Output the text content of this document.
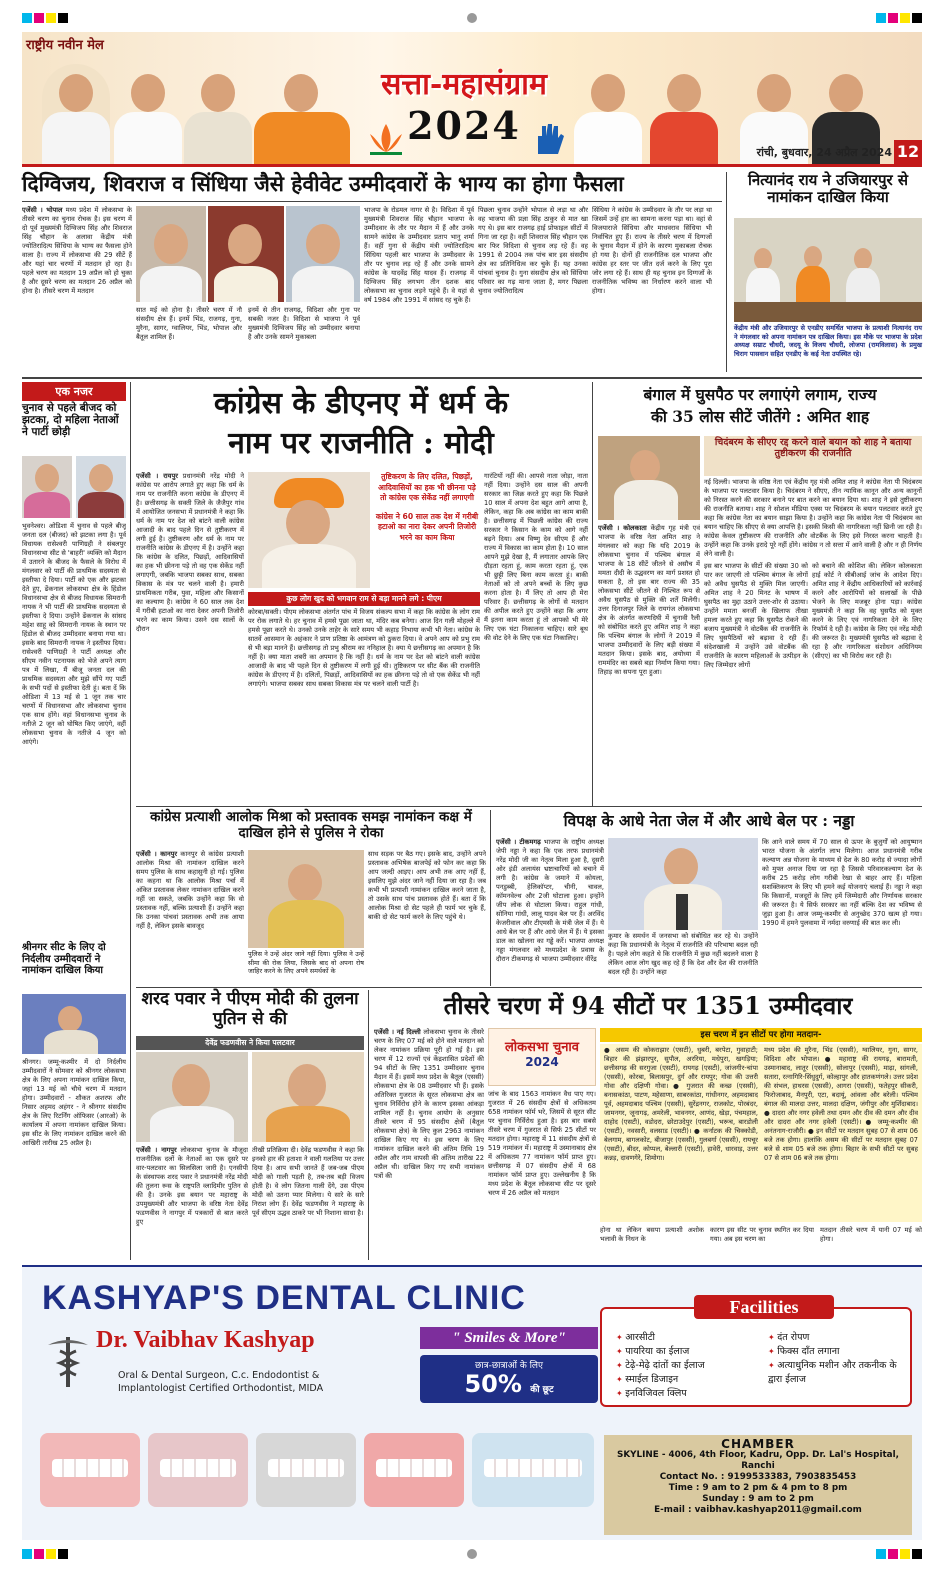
राष्ट्रीय नवीन मेल
सत्ता-महासंग्राम
2024
रांची, बुधवार, 24 अप्रैल 2024 12
दिग्विजय, शिवराज व सिंधिया जैसे हेवीवेट उम्मीदवारों के भाग्य का होगा फैसला
एजेंसी । भोपाल मध्य प्रदेश में लोकसभा के तीसरे चरण का चुनाव रोचक है। इस चरण में दो पूर्व मुख्यमंत्री दिग्विजय सिंह और शिवराज सिंह चौहान के अलावा केंद्रीय मंत्री ज्योतिरादित्य सिंधिया के भाग्य का फैसला होने वाला है। राज्य में लोकसभा की 29 सीटें हैं और यहां चार चरणों में मतदान हो रहा है। पहले चरण का मतदान 19 अप्रैल को हो चुका है और दूसरे चरण का मतदान 26 अप्रैल को होना है। तीसरे चरण में मतदान
सात मई को होना है। तीसरे चरण में नौ संसदीय क्षेत्र हैं। इनमें भिंड, राजगढ़, गुना, मुरैना, सागर, ग्वालियर, भिंड, भोपाल और बैतूल शामिल हैं।
इनमें से तीन राजगढ़, विदिशा और गुना पर सबकी नजर है। विदिशा से भाजपा ने पूर्व मुख्यमंत्री दिग्विजय सिंह को उम्मीदवार बनाया है और उनके सामने मुकाबला
भाजपा के रोडमल नागर से है। विदिशा में पूर्व मुख्यमंत्री शिवराज सिंह चौहान भाजपा के उम्मीदवार के तौर पर मैदान में हैं और उनके सामने कांग्रेस के उम्मीदवार प्रताप भानु शर्मा हैं। वहीं गुना से केंद्रीय मंत्री ज्योतिरादित्य सिंधिया पहली बार भाजपा के उम्मीदवार के तौर पर चुनाव लड़ रहे हैं और उनके सामने कांग्रेस के यादवेंद्र सिंह यादव हैं। राजगढ़ में दिग्विजय सिंह लगभग तीन दशक बाद लोकसभा का चुनाव लड़ने पहुंचे हैं। वे यहां से वर्ष 1984 और 1991 में सांसद रह चुके हैं।
पिछला चुनाव उन्होंने भोपाल से लड़ा था और वह भाजपा की प्रज्ञा सिंह ठाकुर से मात खा गए थे। इस बार राजगढ़ हाई प्रोफाइल सीटों में गिना जा रहा है। वहीं शिवराज सिंह चौहान एक बार फिर विदिशा से चुनाव लड़ रहे हैं। वह 1991 से 2004 तक पांच बार इस संसदीय क्षेत्र का प्रतिनिधित्व कर चुके हैं। यह उनका पांचवां चुनाव है। गुना संसदीय क्षेत्र को सिंधिया परिवार का गढ़ माना जाता है, मगर पिछला चुनाव ज्योतिरादित्य
सिंधिया ने कांग्रेस के उम्मीदवार के तौर पर लड़ा था जिसमें उन्हें हार का सामना करना पड़ा था। वहां से विजयाराजे सिंधिया और माधवराव सिंधिया भी निर्वाचित हुए हैं। राज्य के तीसरे चरण में दिग्गजों के चुनाव मैदान में होने के कारण मुकाबला रोचक हो गया है। दोनों ही राजनीतिक दल भाजपा और कांग्रेस हर स्तर पर जीत दर्ज करने के लिए पूरा जोर लगा रहे हैं। साथ ही यह चुनाव इन दिग्गजों के राजनीतिक भविष्य का निर्धारण करने वाला भी होगा।
नित्यानंद राय ने उजियारपुर से नामांकन दाखिल किया
केंद्रीय मंत्री और उजियारपुर से एनडीए समर्थित भाजपा के प्रत्याशी नित्यानंद राय ने मंगलवार को अपना नामांकन पत्र दाखिल किया। इस मौके पर भाजपा के प्रदेश अध्यक्ष सम्राट चौधरी, जदयू के विजय चौधरी, लोजपा (रामविलास) के प्रमुख चिराग पासवान सहित एनडीए के कई नेता उपस्थित रहे।
एक नजर
चुनाव से पहले बीजद को झटका, दो महिला नेताओं ने पार्टी छोड़ी
भुवनेश्वर। ओडिशा में चुनाव से पहले बीजू जनता दल (बीजद) को झटका लगा है। पूर्व विधायक रासेश्वरी पाणिग्रही ने संबलपुर विधानसभा सीट से 'बाहरी' व्यक्ति को मैदान में उतारने के बीजद के फैसले के विरोध में मंगलवार को पार्टी की प्राथमिक सदस्यता से इस्तीफा दे दिया। पार्टी को एक और झटका देते हुए, ढेंकनाल लोकसभा क्षेत्र के हिंडोल विधानसभा क्षेत्र से बीजद विधायक सिमरानी नायक ने भी पार्टी की प्राथमिक सदस्यता से इस्तीफा दे दिया। उन्होंने ढेंकनाल के सांसद महेश साहू को सिमरानी नायक के स्थान पर हिंडोल से बीजद उम्मीदवार बनाया गया था। इसके बाद सिमरानी नायक ने इस्तीफा दिया। रासेश्वरी पाणिग्रही ने पार्टी अध्यक्ष और सीएम नवीन पटनायक को भेजे अपने त्याग पत्र में लिखा, मैं बीजू जनता दल की प्राथमिक सदस्यता और मुझे सौंपे गए पार्टी के सभी पदों से इस्तीफा देती हूं। बता दें कि ओडिशा में 13 मई से 1 जून तक चार चरणों में विधानसभा और लोकसभा चुनाव एक साथ होंगे। वहां विधानसभा चुनाव के नतीजे 2 जून को घोषित किए जाएंगे, वहीं लोकसभा चुनाव के नतीजे 4 जून को आएंगे।
श्रीनगर सीट के लिए दो निर्दलीय उम्मीदवारों ने नामांकन दाखिल किया
श्रीनगर। जम्मू-कश्मीर में दो निर्दलीय उम्मीदवारों ने सोमवार को श्रीनगर लोकसभा क्षेत्र के लिए अपना नामांकन दाखिल किया, जहां 13 मई को चौथे चरण में मतदान होगा। उम्मीदवारों - शौकत अशरफ और निसार अहमद अहंगर - ने श्रीनगर संसदीय क्षेत्र के लिए रिटर्निंग ऑफिसर (आरओ) के कार्यालय में अपना नामांकन दाखिल किया। इस सीट के लिए नामांकन दाखिल करने की आखिरी तारीख 25 अप्रैल है।
कांग्रेस के डीएनए में धर्म के
नाम पर राजनीति : मोदी
एजेंसी । रायपुर प्रधानमंत्री नरेंद्र मोदी ने कांग्रेस पर आरोप लगाते हुए कहा कि धर्म के नाम पर राजनीति करना कांग्रेस के डीएनए में है। छत्तीसगढ़ के सक्ती जिले के जैजैपुर गांव में आयोजित जनसभा में प्रधानमंत्री ने कहा कि धर्म के नाम पर देश को बांटने वाली कांग्रेस आजादी के बाद पहले दिन से तुष्टीकरण में लगी हुई है। तुष्टीकरण और धर्म के नाम पर राजनीति कांग्रेस के डीएनए में है। उन्होंने कहा कि कांग्रेस के दलित, पिछड़ों, आदिवासियों का हक भी छीनना पड़े तो वह एक सेकेंड नहीं लगाएगी, जबकि भाजपा सबका साथ, सबका विकास के मंत्र पर चलने वाली है। हमारी प्राथमिकता गरीब, युवा, महिला और किसानों का कल्याण है। कांग्रेस ने 60 साल तक देश में गरीबी हटाओ का नारा देकर अपनी तिजोरी भरने का काम किया। उसने दस सालों के दौरान
तुष्टिकरण के लिए दलित, पिछड़ों, आदिवासियों का हक भी छीनना पड़े तो कांग्रेस एक सेकेंड नहीं लगाएगी
कांग्रेस ने 60 साल तक देश में गरीबी हटाओ का नारा देकर अपनी तिजोरी भरने का काम किया
कुछ लोग खुद को भगवान राम से बड़ा मानने लगे : पीएम
कोरबा/सक्ती। पीएम लोकसभा अंतर्गत पांच में विजय संकल्प सभा में कहा कि कांग्रेस के लोग राम पर रोक लगाते थे। हर चुनाव में हमसे पूछा जाता था, मंदिर कब बनेगा। आज दिन गली मोहल्ले में हमसे पूछा करते थे। उनको उनके ताहेर के सारे समय भी कहाड़ निभाया कभी भी नेता। कांग्रेस के सातवें आसमान के अहंकार ने प्राण प्रतिष्ठा के आमंत्रण को ठुकरा दिया। वे अपने आप को प्रभु राम से भी बड़ा मानने हैं। छत्तीसगढ़ तो प्रभु श्रीराम का ननिहाल है। क्या ये छत्तीसगढ़ का अपमान है कि नहीं है। क्या माता शबरी का अपमान है कि नहीं है। धर्म के नाम पर देश को बांटने वाली कांग्रेस आजादी के बाद भी पहले दिन से तुष्टीकरण में लगी हुई थी। तुष्टिकरण पर सीट बैंक की राजनीति कांग्रेस के डीएनए में है। दलितों, पिछड़ों, आदिवासियों का हक छीनना पड़े तो वो एक सेकेंड भी नहीं लगाएंगे। भाजपा सबका साथ सबका विकास मंत्र पर चलने वाली पार्टी है।
गारंटियों नहीं की। आपसे नाता जोड़ा, नाता नहीं दिया। उन्होंने दस साल की अपनी सरकार का जिक्र करते हुए कहा कि पिछले 10 साल में अपना देश बहुत आगे आया है, लेकिन, कहा कि अब कांग्रेस का काम बाकी है। छत्तीसगढ़ में पिछली कांग्रेस की राज्य सरकार ने किसान के काम को आगे नहीं बढ़ने दिया। अब विष्णु देव सीएम हैं और राज्य में विकास का काम होता है। 10 साल आपने मुझे देखा है, मैं लगातार आपके लिए दौड़ता रहता हूं, काम करता रहता हूं, एक भी छुट्टी लिए बिना काम करता हूं। बाकी नेताओं को तो अपने बच्चों के लिए कुछ करना होता है। मैं लिए तो आप ही मेरा परिवार हैं। छत्तीसगढ़ के लोगों से मतदान की अपील करते हुए उन्होंने कहा कि अगर मैं इतना काम करता हूं तो आपको भी मेरे लिए एक घंटा निकालना चाहिए। सारे बूथ की वोट देने के लिए एक घंटा निकालिए।
बंगाल में घुसपैठ पर लगाएंगे लगाम, राज्य
की 35 लोस सीटें जीतेंगे : अमित शाह
चिदंबरम के सीएए रद्द करने वाले बयान को शाह ने बताया तुष्टीकरण की राजनीति
नई दिल्ली। भाजपा के वरिष्ठ नेता एवं केंद्रीय गृह मंत्री अमित शाह ने कांग्रेस नेता पी चिदंबरम के भाजपा पर पलटवार किया है। चिदंबरम ने सीएए, तीन न्यायिक कानून और अन्य कानूनों को निरस्त करने की सरकार बनाने पर बात करने का बयान दिया था। शाह ने इसे तुष्टीकरण की राजनीति बताया। शाह ने सोशल मीडिया एक्स पर चिदंबरम के बयान पलटवार करते हुए कहा कि कांग्रेस नेता का बयान साझा किया है। उन्होंने कहा कि कांग्रेस नेता पी चिदंबरम का बयान चाहिए कि सीएए से क्या आपत्ति है। इसकी किसी की नागरिकता नहीं छिनी जा रही है। कांग्रेस केवल तुष्टीकरण की राजनीति और वोटबैंक के लिए इसे निरस्त करना चाहती है। उन्होंने कहा कि उनके इरादे पूरे नहीं होंगे। कांग्रेस न तो सत्ता में आने वाली है और न ही निर्णय लेने वाली है।
एजेंसी । कोलकाता केंद्रीय गृह मंत्री एवं भाजपा के वरिष्ठ नेता अमित शाह ने मंगलवार को कहा कि यदि 2019 के लोकसभा चुनाव में पश्चिम बंगाल में भाजपा के 18 सीटें जीतने से असौच में ममता दीदी के उद्धवरण का मार्ग प्रशस्त हो सकता है, तो इस बार राज्य की 35 लोकसभा सीटें जीतने से निश्चित रूप से अवैध घुसपैठ से मुक्ति की शर्तें मिलेंगी। उत्तर दिनाजपुर जिले के रायगंज लोकसभा क्षेत्र के अंतर्गत करणदिघी में चुनावी रैली को संबोधित करते हुए अमित शाह ने कहा कि पश्चिम बंगाल के लोगों ने 2019 में भाजपा उम्मीदवारों के लिए बड़ी संख्या में मतदान किया। इसके बाद, अयोध्या में राममंदिर का सबसे बड़ा निर्माण किया गया। तिहाड़ का सपना पूरा हुआ।
इस बार भाजपा के सीटों की संख्या 30 को पार कर जाएगी तो पश्चिम बंगाल के लोगों को अवैध घुसपैठ से मुक्ति मिल जाएगी। अमित शाह ने 20 मिनट के भाषण में घुसपैठ का मुद्दा उठाने उत्तर-शोर से उठाया। उन्होंने ममता बनर्जी के खिलाफ तीखा हमला करते हुए कहा कि घुसपैठ रोकने की बजाय मुख्यमंत्री ने वोटबैंक की राजनीति के लिए घुसपैठियों को बढ़ावा दे रही हैं। संदेशखाली में उन्होंने उसे वोटबैंक की राजनीति के कारण महिलाओं के उत्पीड़न के लिए जिम्मेदार लोगों
को बचाने की कोशिश की। लेकिन कोलकाता हाई कोर्ट ने सीबीआई जांच के आदेश दिए। अमित शाह ने केंद्रीय आधिकारियों को कार्रवाई करने और आरोपियों को सलाखों के पीछे भेजने के लिए मजबूर होना पड़ा। कांग्रेस मुख्यमंत्री ने कहा कि वह घुसपैठ को मुक्त करने के लिए एवं नागरिकता देने के लिए रिफॉर्म दे रही है। कांग्रेस के लिए एवं नरेंद्र मोदी की जरूरत है। मुख्यमंत्री घुसपैठ को बढ़ावा दे रहा है और नागरिकता संशोधन अधिनियम (सीएए) का भी विरोध कर रही है।
कांग्रेस प्रत्याशी आलोक मिश्रा को प्रस्तावक समझ नामांकन कक्ष में दाखिल होने से पुलिस ने रोका
एजेंसी । कानपुर कानपुर से कांग्रेस प्रत्याशी आलोक मिश्रा की नामांकन दाखिल करने समय पुलिस के साथ कहासुनी हो गई। पुलिस का कहना था कि आलोक मिश्रा पर्चा में अंकित प्रस्तावक लेकर नामांकन दाखिल करने नहीं जा सकते, जबकि उन्होंने कहा कि वो प्रस्तावक नहीं, बल्कि प्रत्याशी हैं। उन्होंने कहा कि उनका पांचवां प्रस्तावक अभी तक आया नहीं है, लेकिन इसके बावजूद
पुलिस ने उन्हें अंदर जाने नहीं दिया। पुलिस ने उन्हें सीमा की रोक लिया, जिसके बाद वो अपना रोष जाहिर करने के लिए अपने समर्थकों के
साथ सड़क पर बैठ गए। इसके बाद, उन्होंने अपने प्रस्तावक अभिषेक बाजपेई को फोन कर कहा कि आप जल्दी आइए। आप अभी तक आए नहीं हैं, इसलिए मुझे अंदर जाने नहीं दिया जा रहा है। जब कभी भी प्रत्याशी नामांकन दाखिल करने जाता है, तो उसके साथ पांच प्रस्तावक होते हैं। बता दें कि आलोक मिश्रा दो सेट पहले ही फार्म भर चुके हैं, बाकी दो सेट फार्म करने के लिए पहुंचे थे।
विपक्ष के आधे नेता जेल में और आधे बेल पर : नड्डा
एजेंसी । टीकमगढ़ भाजपा के राष्ट्रीय अध्यक्ष जेपी नड्डा ने कहा कि एक तरफ प्रधानमंत्री नरेंद्र मोदी जी का नेतृत्व मिला हुआ है, दूसरी ओर इंडी अलायंस भ्रष्टाचारियों को बचाने में लगी है। कांग्रेस के जमाने में कोयला, पनडुब्बी, हेलिकॉप्टर, चीनी, चावल, कॉमनवेल्थ और 2जी घोटाला हुआ। इन्होंने जीप लोक से घोटाला किया। राहुल गांधी, सोनिया गांधी, लालू यादव बेल पर हैं। अरविंद केजरीवाल और टीएमसी के मंत्री जेल में हैं। ये आधे बेल पर हैं और आधे जेल में हैं। ये इसका डाल का खोलना का गड्ढे करें। भाजपा अध्यक्ष नड्डा मंगलवार को मध्यप्रदेश के प्रवास के दौरान टीकमगढ़ से भाजपा उम्मीदवार वीरेंद्र
कुमार के समर्थन में जनसभा को संबोधित कर रहे थे। उन्होंने कहा कि प्रधानमंत्री के नेतृत्व में राजनीति की परिभाषा बदल रही है। पहले लोग कहते थे कि राजनीति में कुछ नहीं बदलने वाला है लेकिन आज लोग खुद कह रहे हैं कि देश और देश की राजनीति बदल रही है। उन्होंने कहा
कि आने वाले समय में 70 साल से ऊपर के बुजुर्गों को आयुष्मान भारत योजना के अंतर्गत लाभ मिलेगा। आज प्रधानमंत्री गरीब कल्याण अन्न योजना के माध्यम से देश के 80 करोड़ से ज्यादा लोगों को मुफ्त अनाज दिया जा रहा है जिससे परिवारकल्याण देश के करीब 25 करोड़ लोग गरीबी रेखा से बाहर आए हैं। महिला सशक्तिकरण के लिए भी हमने कई योजनाएं चलाई हैं। नड्डा ने कहा कि किसानों, मजदूरों के लिए हमें जिम्मेदारी और निर्णायक सरकार की जरूरत है। ये सिर्फ सरकार का नहीं बल्कि देश का भविष्य से जुड़ा हुआ है। आज जम्मू-कश्मीर से अनुच्छेद 370 खत्म हो गया। 1990 में हमने पुलवामा में नर्मदा वरुणाई की बात कर ली।
शरद पवार ने पीएम मोदी की तुलना पुतिन से की
देवेंद्र फडणवीस ने किया पलटवार
एजेंसी । नागपुर लोकसभा चुनाव के मौजूदा राजनीतिक दलों के नेताओं का एक दूसरे पर वार-पलटवार का सिलसिला जारी है। एनसीपी के संस्थापक शरद पवार ने प्रधानमंत्री नरेंद्र मोदी की तुलना रूस के राष्ट्रपति व्लादिमीर पुतिन से की है। उनके इस बयान पर महाराष्ट्र के उपमुख्यमंत्री और भाजपा के वरिष्ठ नेता देवेंद्र फडणवीस ने नागपुर में पत्रकारों से बात करते हुए
तीखी प्रतिक्रिया दी। देवेंद्र फडणवीस ने कहा कि इनको हार की हताशा ने वाली गलतिया पर उत्तर दिया है। आप सभी जानते हैं जब-जब पीएम मोदी को गाली पड़ती है, तब-तब बड़ी विजय होती है। वे लोग जितना गाली देंगे, उस पीएम मोदी को उतना प्यार मिलेगा। ये सारे के सारे निराश लोग हैं। देवेंद्र फडणवीस ने महाराष्ट्र के पूर्व सीएम उद्धव ठाकरे पर भी निशाना साधा है।
तीसरे चरण में 94 सीटों पर 1351 उम्मीदवार
एजेंसी । नई दिल्ली लोकसभा चुनाव के तीसरे चरण के लिए 07 मई को होने वाले मतदान को लेकर नामांकन प्रक्रिया पूरी हो गई है। इस चरण में 12 राज्यों एवं केंद्रशासित प्रदेशों की 94 सीटों के लिए 1351 उम्मीदवार चुनाव मैदान में हैं। इसमें मध्य प्रदेश के बैतूल (एससी) लोकसभा क्षेत्र के 08 उम्मीदवार भी हैं। इसके अतिरिक्त गुजरात के सूरत लोकसभा क्षेत्र का चुनाव निर्विरोध होने के कारण इसका आंकड़ा शामिल नहीं है। चुनाव आयोग के अनुसार तीसरे चरण में 95 संसदीय क्षेत्रों (बैतूल लोकसभा क्षेत्र) के लिए कुल 2963 नामांकन दाखिल किए गए थे। इस चरण के लिए नामांकन दाखिल करने की अंतिम तिथि 19 अप्रैल और नाम वापसी की अंतिम तारीख 22 अप्रैल थी। दाखिल किए गए सभी नामांकन पत्रों की
लोकसभा चुनाव
2024
जांच के बाद 1563 नामांकन वैध पाए गए। गुजरात में 26 संसदीय क्षेत्रों से अधिकतम 658 नामांकन फॉर्म भरे, जिसमें से सूरत सीट पर चुनाव निर्विरोध हुआ है। इस बार सबसे तीसरे चरण में गुजरात से सिर्फ 25 सीटों पर मतदान होगा। महाराष्ट्र में 11 संसदीय क्षेत्रों से 519 नामांकन में। महाराष्ट्र में उस्मानाबाद क्षेत्र में अधिकतम 77 नामांकन फॉर्म प्राप्त हुए। छत्तीसगढ़ में 07 संसदीय क्षेत्रों में 68 नामांकन फॉर्म प्राप्त हुए। उल्लेखनीय है कि मध्य प्रदेश के बैतूल लोकसभा सीट पर दूसरे चरण में 26 अप्रैल को मतदान
इस चरण में इन सीटों पर होगा मतदान-
● असम की कोकराझार (एसटी), धुबरी, बरपेटा, गुवाहाटी; बिहार की झंझारपुर, सुपौल, अररिया, मधेपुरा, खगड़िया; छत्तीसगढ़ की सरगुजा (एसटी), रायगढ़ (एसटी), जांजगीर-चांपा (एससी), कोरबा, बिलासपुर, दुर्ग और रायपुर; गोवा की उत्तरी गोवा और दक्षिणी गोवा। ● गुजरात की कच्छ (एससी), बनासकांठा, पाटण, महेसाणा, साबरकांठा, गांधीनगर, अहमदाबाद पूर्व, अहमदाबाद पश्चिम (एससी), सुरेंद्रनगर, राजकोट, पोरबंदर, जामनगर, जूनागढ़, अमरेली, भावनगर, आणंद, खेड़ा, पंचमहाल, दाहोद (एसटी), वडोदरा, छोटाउदेपुर (एसटी), भरूच, बारडोली (एसटी), नवसारी, वलसाड (एसटी)। ● कर्नाटक की चिक्कोडी, बेलगाम, बागलकोट, बीजापुर (एससी), गुलबर्गा (एससी), रायचूर (एसटी), बीदर, कोप्पल, बेल्लारी (एसटी), हावेरी, धारवाड़, उत्तर कन्नड़, दावणगेरे, शिमोगा।
मध्य प्रदेश की मुरैना, भिंड (एससी), ग्वालियर, गुना, सागर, विदिशा और भोपाल। ● महाराष्ट्र की रायगढ़, बारामती, उस्मानाबाद, लातूर (एससी), सोलापुर (एससी), माढ़ा, सांगली, सतारा, रत्नागिरि-सिंधुदुर्ग, कोल्हापुर और हातकणंगले। उत्तर प्रदेश की संभल, हाथरस (एससी), आगरा (एससी), फतेहपुर सीकरी, फिरोजाबाद, मैनपुरी, एटा, बदायूं, आंवला और बरेली। पश्चिम बंगाल की मालदा उत्तर, मालदा दक्षिण, जंगीपुर और मुर्शिदाबाद। ● दादरा और नगर हवेली तथा दमन और दीव की दमन और दीव और दादरा और नगर हवेली (एसटी)। ● जम्मू-कश्मीर की अनंतनाग-राजौरी। ● इन सीटों पर मतदान सुबह 07 से शाम 06 बजे तक होगा। हालांकि असम की सीटों पर मतदान सुबह 07 बजे से शाम 05 बजे तक होगा। बिहार के सभी सीटों पर सुबह 07 से शाम 06 बजे तक होगा।
होना था लेकिन बसपा प्रत्याशी अशोक भलावी के निधन के
कारण इस सीट पर चुनाव स्थगित कर दिया गया। अब इस चरण का
मतदान तीसरे चरण में यानी 07 मई को होगा।
KASHYAP'S DENTAL CLINIC
Dr. Vaibhav Kashyap
Oral & Dental Surgeon, C.c. Endodontist &
Implantologist Certified Orthodontist, MIDA
" Smiles & More"
छात्र-छात्राओं के लिए
50% की छूट
✦ आरसीटी
✦ पायरिया का ईलाज
✦ टेढ़े-मेढ़े दांतों का ईलाज
✦ स्माईल डिजाइन
✦ इनविजिवल क्लिप
✦ दंत रोपण
✦ फिक्स दाँत लगाना
✦ अत्याधुनिक मशीन और तकनीक के द्वारा ईलाज
Facilities
CHAMBER
SKYLINE - 4006, 4th Floor, Kadru, Opp. Dr. Lal's Hospital, Ranchi
Contact No. : 9199533383, 7903835453
Time : 9 am to 2 pm & 4 pm to 8 pm
Sunday : 9 am to 2 pm
E-mail : vaibhav.kashyap2011@gmail.com
